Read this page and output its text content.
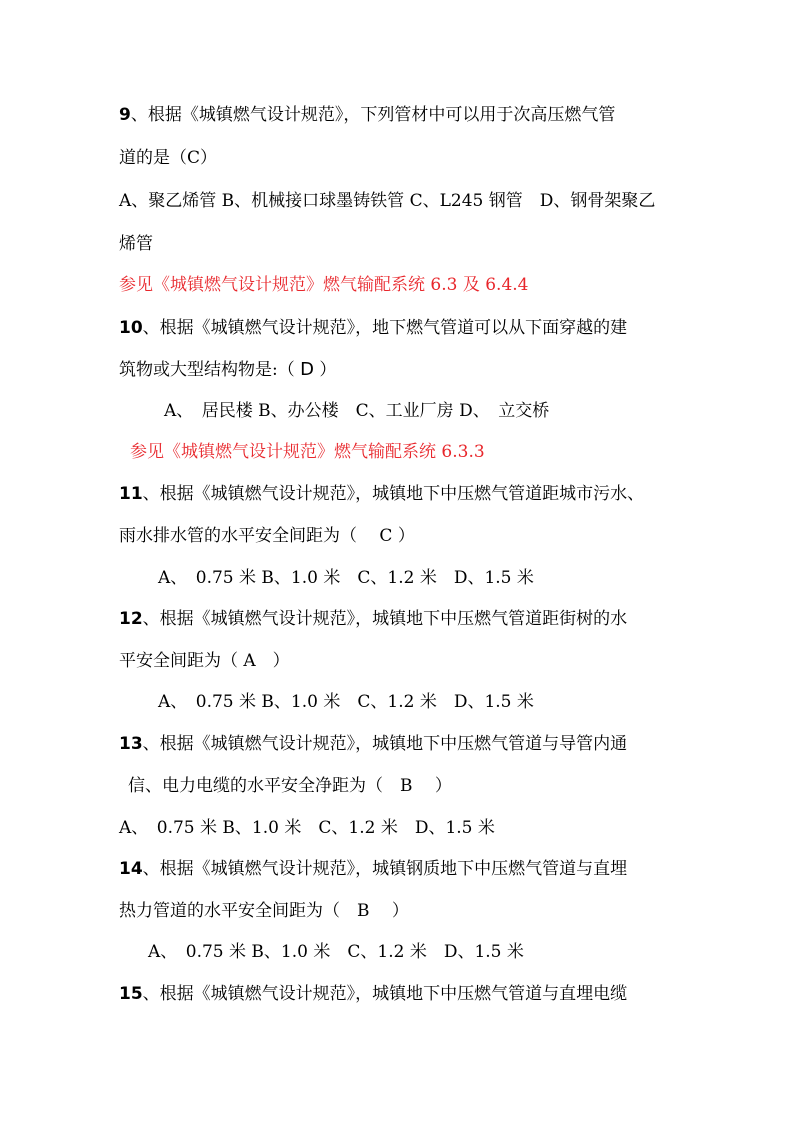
9、根据《城镇燃气设计规范》，下列管材中可以用于次高压燃气管
道的是（C）
A、聚乙烯管 B、机械接口球墨铸铁管 C、L245 钢管　D、钢骨架聚乙
烯管
参见《城镇燃气设计规范》燃气输配系统 6.3 及 6.4.4
10、根据《城镇燃气设计规范》，地下燃气管道可以从下面穿越的建
筑物或大型结构物是:（ D ）
A、　居民楼 B、办公楼　C、工业厂房 D、　立交桥
参见《城镇燃气设计规范》燃气输配系统 6.3.3
11、根据《城镇燃气设计规范》，城镇地下中压燃气管道距城市污水、
雨水排水管的水平安全间距为（　 C ）
A、　0.75 米 B、1.0 米　C、1.2 米　D、1.5 米
12、根据《城镇燃气设计规范》，城镇地下中压燃气管道距街树的水
平安全间距为（ A　）
A、　0.75 米 B、1.0 米　C、1.2 米　D、1.5 米
13、根据《城镇燃气设计规范》，城镇地下中压燃气管道与导管内通
信、电力电缆的水平安全净距为（　B　 ）
A、　0.75 米 B、1.0 米　C、1.2 米　D、1.5 米
14、根据《城镇燃气设计规范》，城镇钢质地下中压燃气管道与直埋
热力管道的水平安全间距为（　B　 ）
A、　0.75 米 B、1.0 米　C、1.2 米　D、1.5 米
15、根据《城镇燃气设计规范》，城镇地下中压燃气管道与直埋电缆
